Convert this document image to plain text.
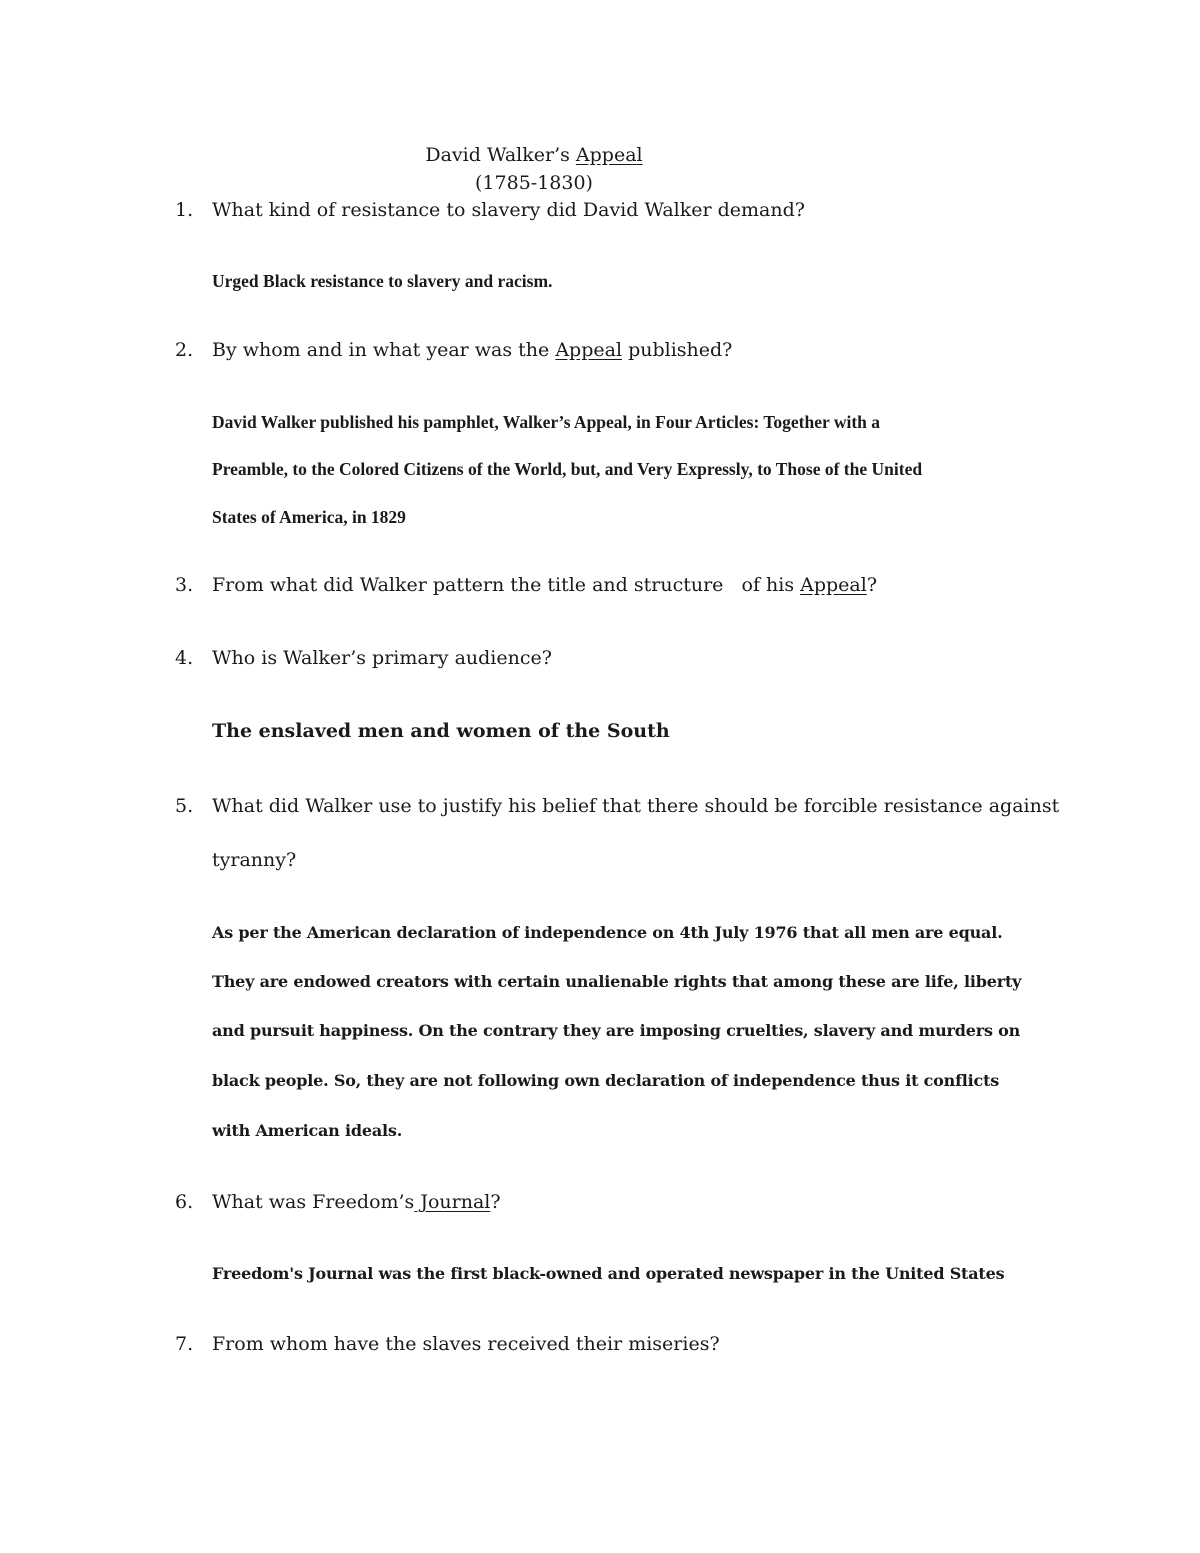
David Walker’s Appeal
(1785-1830)
1. What kind of resistance to slavery did David Walker demand?
Urged Black resistance to slavery and racism.
2. By whom and in what year was the Appeal published?
David Walker published his pamphlet, Walker’s Appeal, in Four Articles: Together with a
Preamble, to the Colored Citizens of the World, but, and Very Expressly, to Those of the United
States of America, in 1829
3. From what did Walker pattern the title and structure   of his Appeal?
4. Who is Walker’s primary audience?
The enslaved men and women of the South
5. What did Walker use to justify his belief that there should be forcible resistance against
tyranny?
As per the American declaration of independence on 4th July 1976 that all men are equal.
They are endowed creators with certain unalienable rights that among these are life, liberty
and pursuit happiness. On the contrary they are imposing cruelties, slavery and murders on
black people. So, they are not following own declaration of independence thus it conflicts
with American ideals.
6. What was Freedom’s Journal?
Freedom's Journal was the first black-owned and operated newspaper in the United States
7. From whom have the slaves received their miseries?
